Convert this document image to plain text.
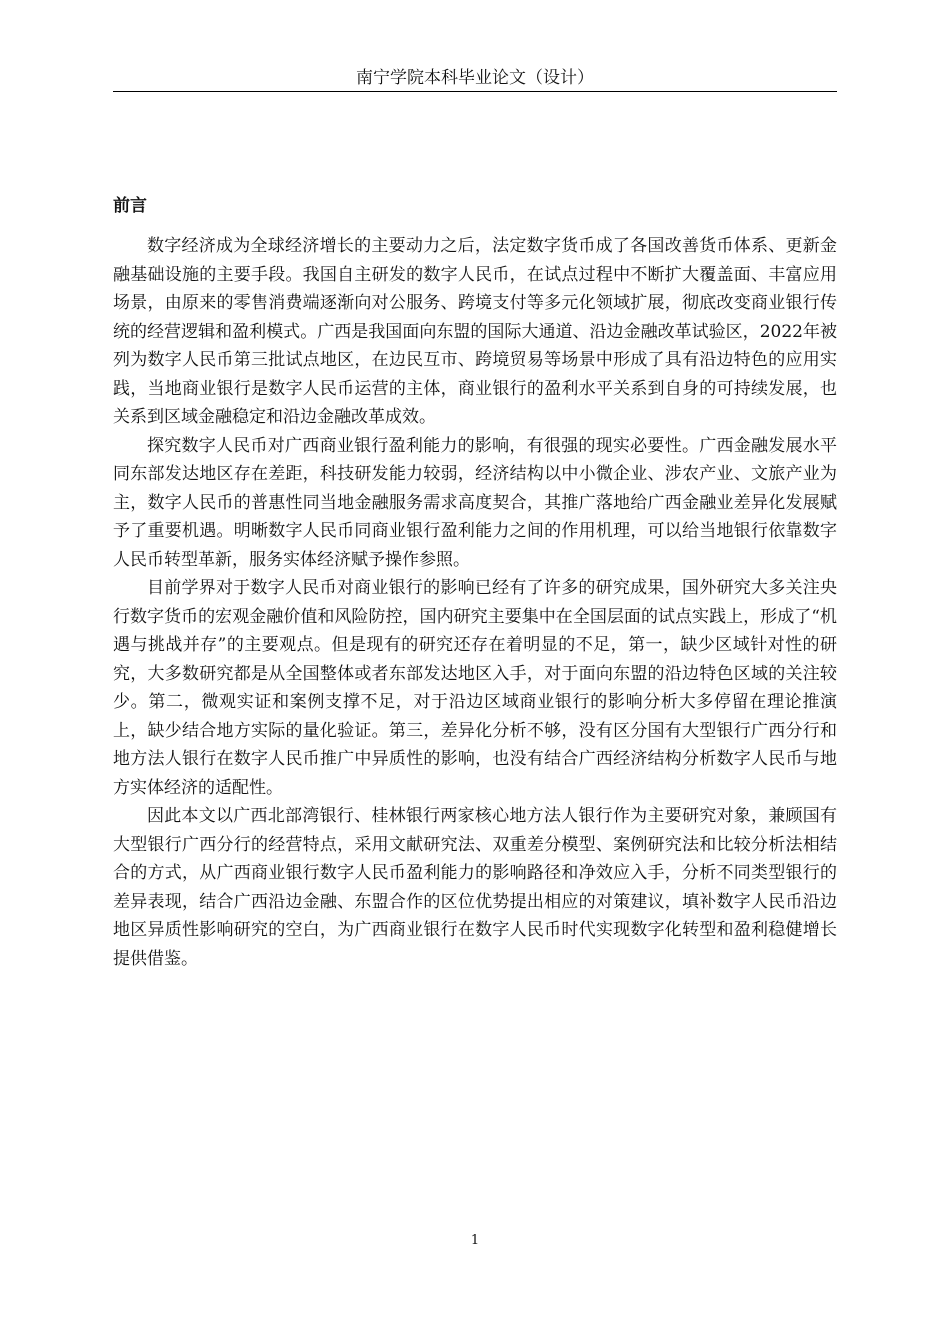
南宁学院本科毕业论文（设计）
前言

数字经济成为全球经济增长的主要动力之后，法定数字货币成了各国改善货币体系、更新金融基础设施的主要手段。我国自主研发的数字人民币，在试点过程中不断扩大覆盖面、丰富应用场景，由原来的零售消费端逐渐向对公服务、跨境支付等多元化领域扩展，彻底改变商业银行传统的经营逻辑和盈利模式。广西是我国面向东盟的国际大通道、沿边金融改革试验区，2022年被列为数字人民币第三批试点地区，在边民互市、跨境贸易等场景中形成了具有沿边特色的应用实践，当地商业银行是数字人民币运营的主体，商业银行的盈利水平关系到自身的可持续发展，也关系到区域金融稳定和沿边金融改革成效。

探究数字人民币对广西商业银行盈利能力的影响，有很强的现实必要性。广西金融发展水平同东部发达地区存在差距，科技研发能力较弱，经济结构以中小微企业、涉农产业、文旅产业为主，数字人民币的普惠性同当地金融服务需求高度契合，其推广落地给广西金融业差异化发展赋予了重要机遇。明晰数字人民币同商业银行盈利能力之间的作用机理，可以给当地银行依靠数字人民币转型革新，服务实体经济赋予操作参照。

目前学界对于数字人民币对商业银行的影响已经有了许多的研究成果，国外研究大多关注央行数字货币的宏观金融价值和风险防控，国内研究主要集中在全国层面的试点实践上，形成了“机遇与挑战并存”的主要观点。但是现有的研究还存在着明显的不足，第一，缺少区域针对性的研究，大多数研究都是从全国整体或者东部发达地区入手，对于面向东盟的沿边特色区域的关注较少。第二，微观实证和案例支撑不足，对于沿边区域商业银行的影响分析大多停留在理论推演上，缺少结合地方实际的量化验证。第三，差异化分析不够，没有区分国有大型银行广西分行和地方法人银行在数字人民币推广中异质性的影响，也没有结合广西经济结构分析数字人民币与地方实体经济的适配性。

因此本文以广西北部湾银行、桂林银行两家核心地方法人银行作为主要研究对象，兼顾国有大型银行广西分行的经营特点，采用文献研究法、双重差分模型、案例研究法和比较分析法相结合的方式，从广西商业银行数字人民币盈利能力的影响路径和净效应入手，分析不同类型银行的差异表现，结合广西沿边金融、东盟合作的区位优势提出相应的对策建议，填补数字人民币沿边地区异质性影响研究的空白，为广西商业银行在数字人民币时代实现数字化转型和盈利稳健增长提供借鉴。

1
